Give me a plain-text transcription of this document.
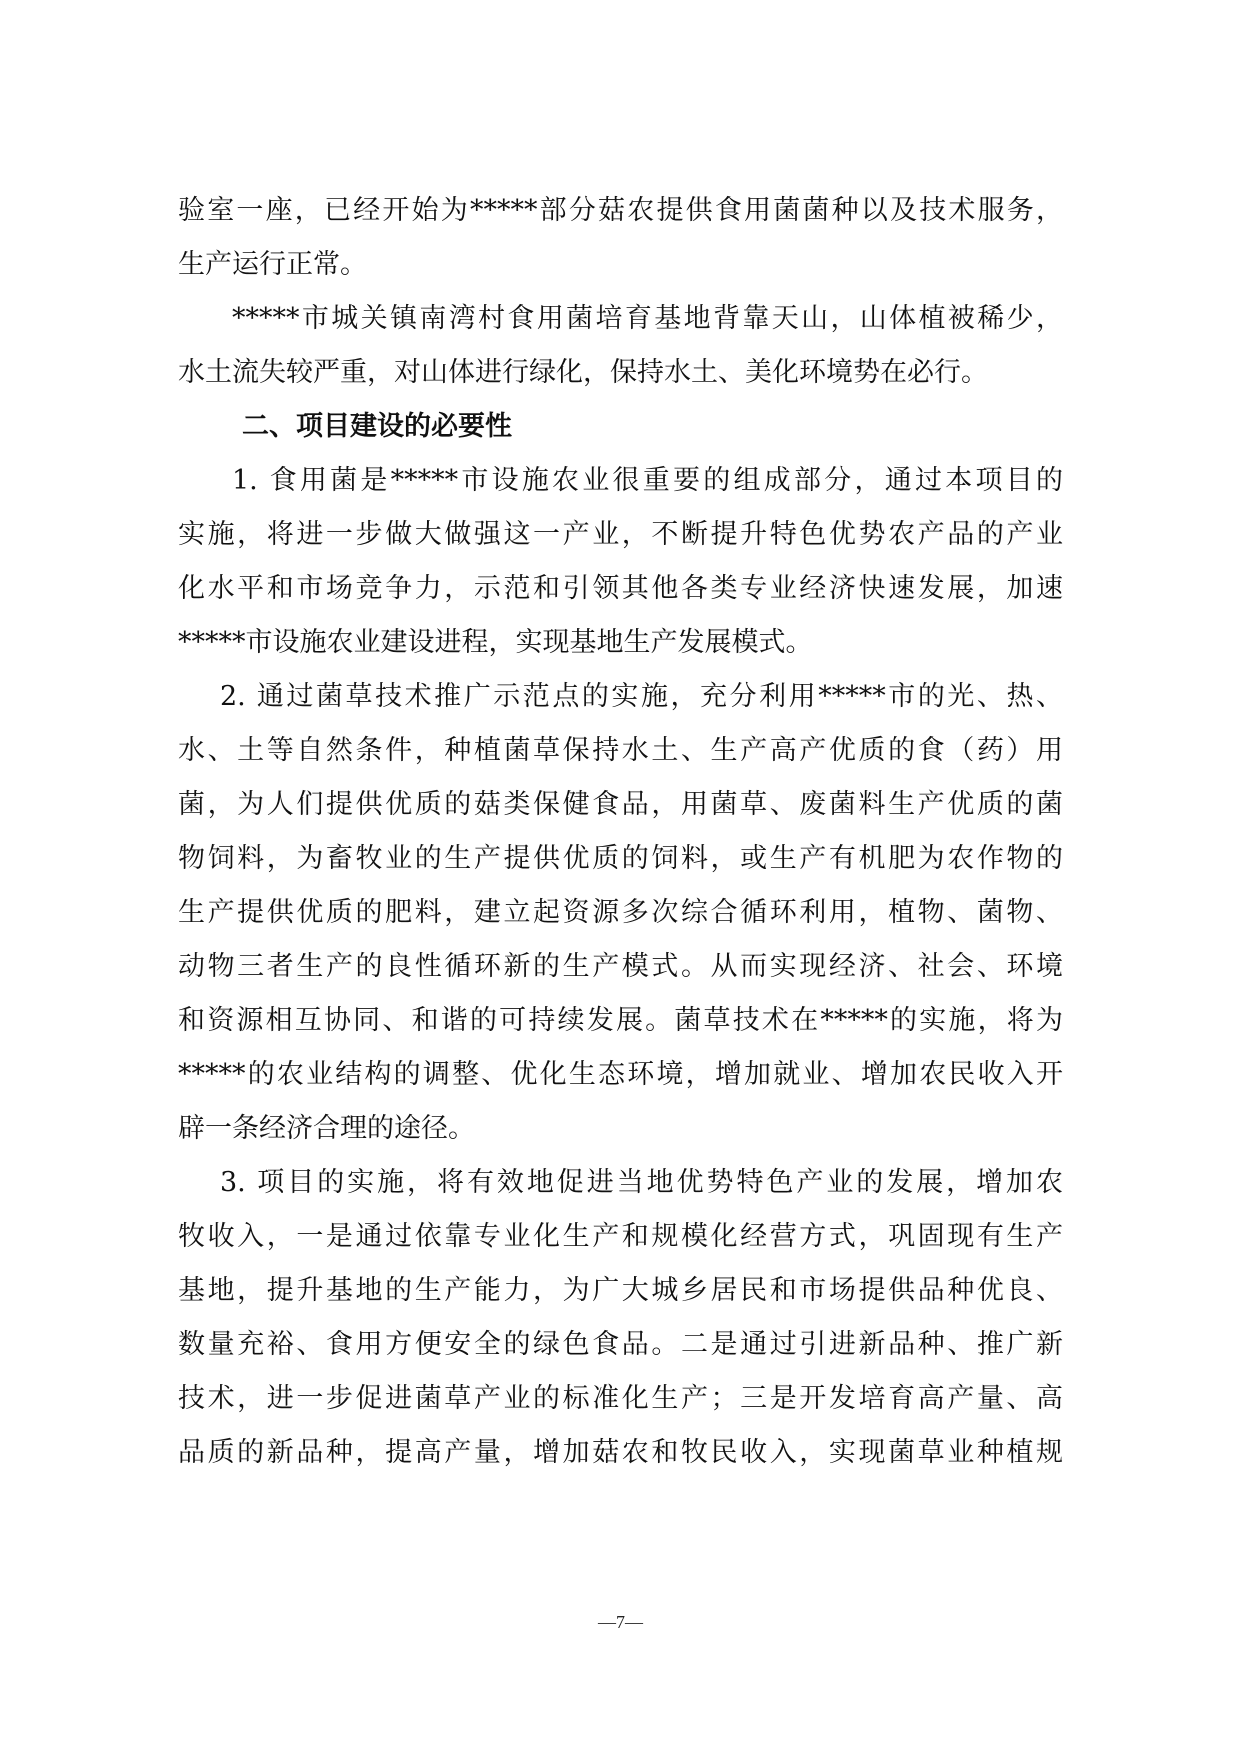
验室一座，已经开始为*****部分菇农提供食用菌菌种以及技术服务，
生产运行正常。
*****市城关镇南湾村食用菌培育基地背靠天山，山体植被稀少，
水土流失较严重，对山体进行绿化，保持水土、美化环境势在必行。
二、项目建设的必要性
1. 食用菌是*****市设施农业很重要的组成部分，通过本项目的
实施，将进一步做大做强这一产业，不断提升特色优势农产品的产业
化水平和市场竞争力，示范和引领其他各类专业经济快速发展，加速
*****市设施农业建设进程，实现基地生产发展模式。
2. 通过菌草技术推广示范点的实施，充分利用*****市的光、热、
水、土等自然条件，种植菌草保持水土、生产高产优质的食（药）用
菌，为人们提供优质的菇类保健食品，用菌草、废菌料生产优质的菌
物饲料，为畜牧业的生产提供优质的饲料，或生产有机肥为农作物的
生产提供优质的肥料，建立起资源多次综合循环利用，植物、菌物、
动物三者生产的良性循环新的生产模式。从而实现经济、社会、环境
和资源相互协同、和谐的可持续发展。菌草技术在*****的实施，将为
*****的农业结构的调整、优化生态环境，增加就业、增加农民收入开
辟一条经济合理的途径。
3. 项目的实施，将有效地促进当地优势特色产业的发展，增加农
牧收入，一是通过依靠专业化生产和规模化经营方式，巩固现有生产
基地，提升基地的生产能力，为广大城乡居民和市场提供品种优良、
数量充裕、食用方便安全的绿色食品。二是通过引进新品种、推广新
技术，进一步促进菌草产业的标准化生产；三是开发培育高产量、高
品质的新品种，提高产量，增加菇农和牧民收入，实现菌草业种植规
—7—
